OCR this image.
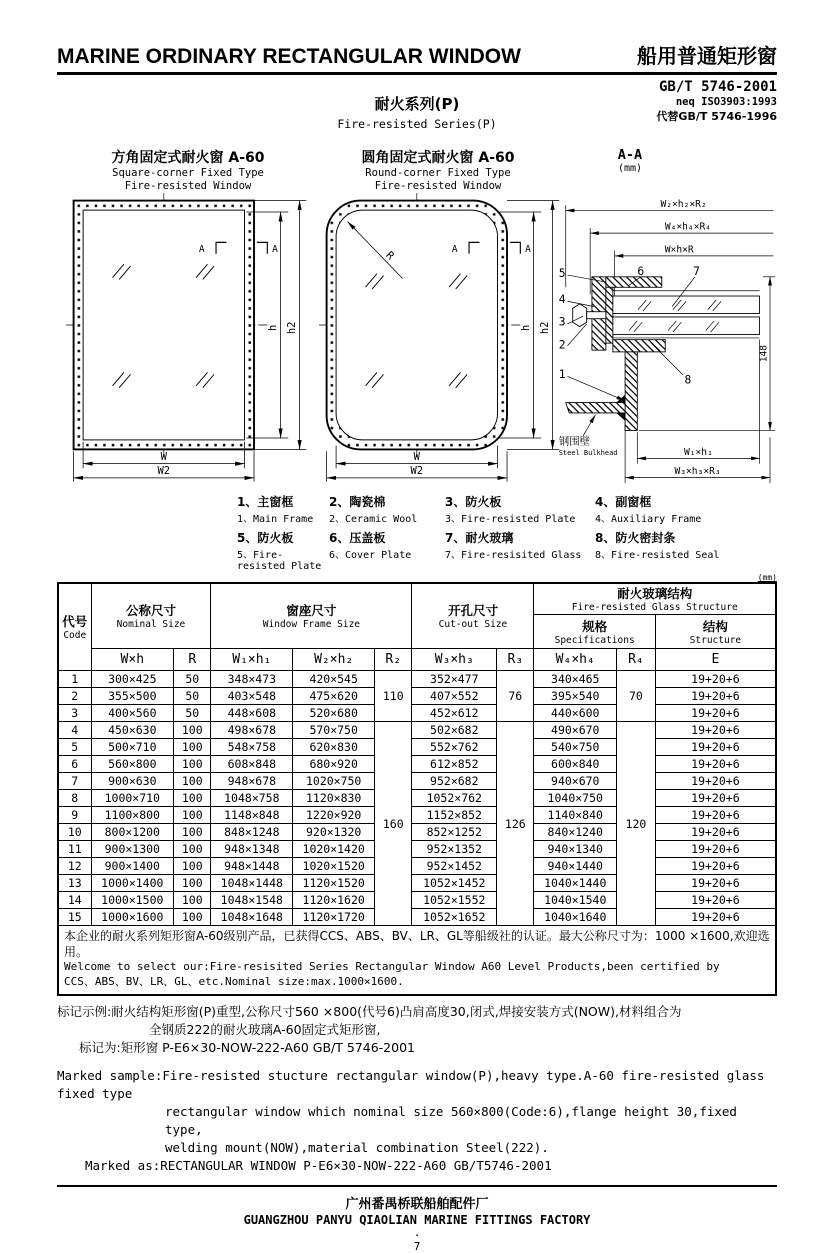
MARINE ORDINARY RECTANGULAR WINDOW	船用普通矩形窗
GB/T 5746-2001
neq ISO3903:1993
代替GB/T 5746-1996
耐火系列(P)
Fire-resisted Series(P)
方角固定式耐火窗 A-60
Square-corner Fixed Type
Fire-resisted Window
A	A
h h2
W
W2
圆角固定式耐火窗 A-60
Round-corner Fixed Type
Fire-resisted Window
R	A	A
h h2
W
W2
A-A
(mm)
W₂×h₂×R₂
W₄×h₄×R₄
W×h×R
5
4
3
2
1
6	7
8
148
W₁×h₁
W₃×h₃×R₃
钢围壁
Steel Bulkhead
1、主窗框
1、Main Frame
2、陶瓷棉
2、Ceramic Wool
3、防火板
3、Fire-resisted Plate
4、副窗框
4、Auxiliary Frame
5、防火板
5、Fire-resisted Plate
6、压盖板
6、Cover Plate
7、耐火玻璃
7、Fire-resisited Glass
8、防火密封条
8、Fire-resisted Seal
(mm)
代号
Code

公称尺寸
Nominal Size

窗座尺寸
Window Frame Size

开孔尺寸
Cut-out Size

耐火玻璃结构
Fire-resisted Glass Structure

规格
Specifications

结构
Structure

	W×h	R	W₁×h₁	W₂×h₂	R₂	W₃×h₃	R₃	W₄×h₄	R₄	E
1	300×425	50	348×473	420×545	110	352×477	76	340×465	70	19+20+6
2	355×500	50	403×548	475×620		407×552		395×540		19+20+6
3	400×560	50	448×608	520×680		452×612		440×600		19+20+6
4	450×630	100	498×678	570×750	160	502×682	126	490×670	120	19+20+6
5	500×710	100	548×758	620×830		552×762		540×750		19+20+6
6	560×800	100	608×848	680×920		612×852		600×840		19+20+6
7	900×630	100	948×678	1020×750		952×682		940×670		19+20+6
8	1000×710	100	1048×758	1120×830		1052×762		1040×750		19+20+6
9	1100×800	100	1148×848	1220×920		1152×852		1140×840		19+20+6
10	800×1200	100	848×1248	920×1320		852×1252		840×1240		19+20+6
11	900×1300	100	948×1348	1020×1420		952×1352		940×1340		19+20+6
12	900×1400	100	948×1448	1020×1520		952×1452		940×1440		19+20+6
13	1000×1400	100	1048×1448	1120×1520		1052×1452		1040×1440		19+20+6
14	1000×1500	100	1048×1548	1120×1620		1052×1552		1040×1540		19+20+6
15	1000×1600	100	1048×1648	1120×1720		1052×1652		1040×1640		19+20+6

本企业的耐火系列矩形窗A-60级别产品，已获得CCS、ABS、BV、LR、GL等船级社的认证。最大公称尺寸为：1000 ×1600,欢迎选用。
Welcome to select our:Fire-resisited Series Rectangular Window A60 Level Products,been certified by
CCS、ABS、BV、LR、GL、etc.Nominal size:max.1000×1600.										
标记示例:耐火结构矩形窗(P)重型,公称尺寸560 ×800(代号6)凸肩高度30,闭式,焊接安装方式(NOW),材料组合为
全钢质222的耐火玻璃A-60固定式矩形窗,
标记为:矩形窗 P-E6×30-NOW-222-A60 GB/T 5746-2001
Marked sample:Fire-resisted stucture rectangular window(P),heavy type.A-60 fire-resisted glass fixed type
rectangular window which nominal size 560×800(Code:6),flange height 30,fixed type,
welding mount(NOW),material combination Steel(222).
Marked as:RECTANGULAR WINDOW P-E6×30-NOW-222-A60 GB/T5746-2001
广州番禺桥联船舶配件厂
GUANGZHOU PANYU QIAOLIAN MARINE FITTINGS FACTORY
·
7
